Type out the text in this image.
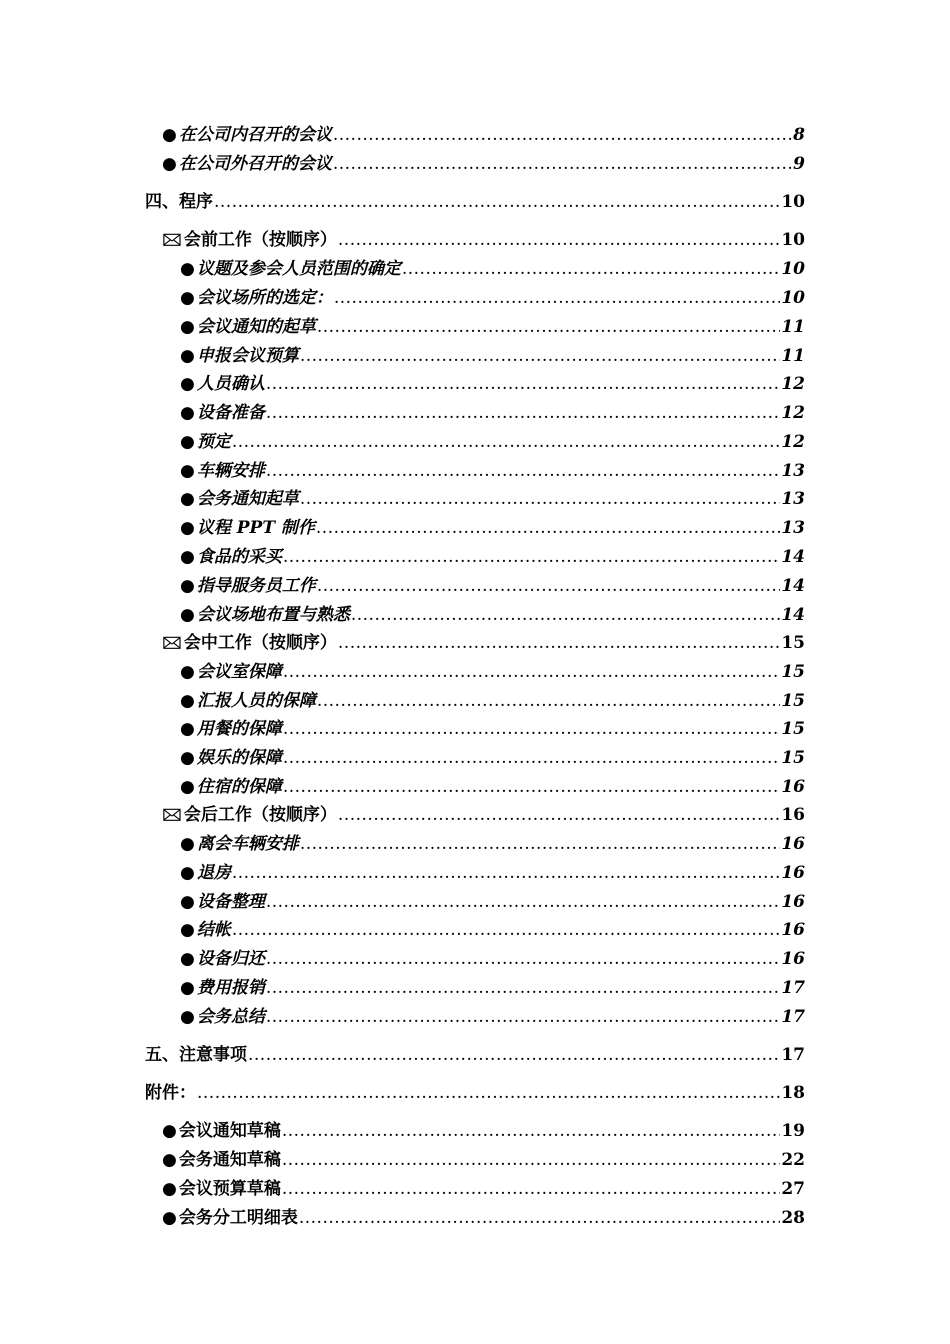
● 在公司内召开的会议 .....	8
● 在公司外召开的会议 .....	9
四、程序 .....	10
🖂 会前工作（按顺序） .....	10
● 议题及参会人员范围的确定 .....	10
● 会议场所的选定： .....	10
● 会议通知的起草 .....	11
● 申报会议预算 .....	11
● 人员确认 .....	12
● 设备准备 .....	12
● 预定 .....	12
● 车辆安排 .....	13
● 会务通知起草 .....	13
● 议程 PPT 制作 .....	13
● 食品的采买 .....	14
● 指导服务员工作 .....	14
● 会议场地布置与熟悉 .....	14
🖂 会中工作（按顺序） .....	15
● 会议室保障 .....	15
● 汇报人员的保障 .....	15
● 用餐的保障 .....	15
● 娱乐的保障 .....	15
● 住宿的保障 .....	16
🖂 会后工作（按顺序） .....	16
● 离会车辆安排 .....	16
● 退房 .....	16
● 设备整理 .....	16
● 结帐 .....	16
● 设备归还 .....	16
● 费用报销 .....	17
● 会务总结 .....	17
五、注意事项 .....	17
附件： .....	18
● 会议通知草稿 .....	19
● 会务通知草稿 .....	22
● 会议预算草稿 .....	27
● 会务分工明细表 .....	28
